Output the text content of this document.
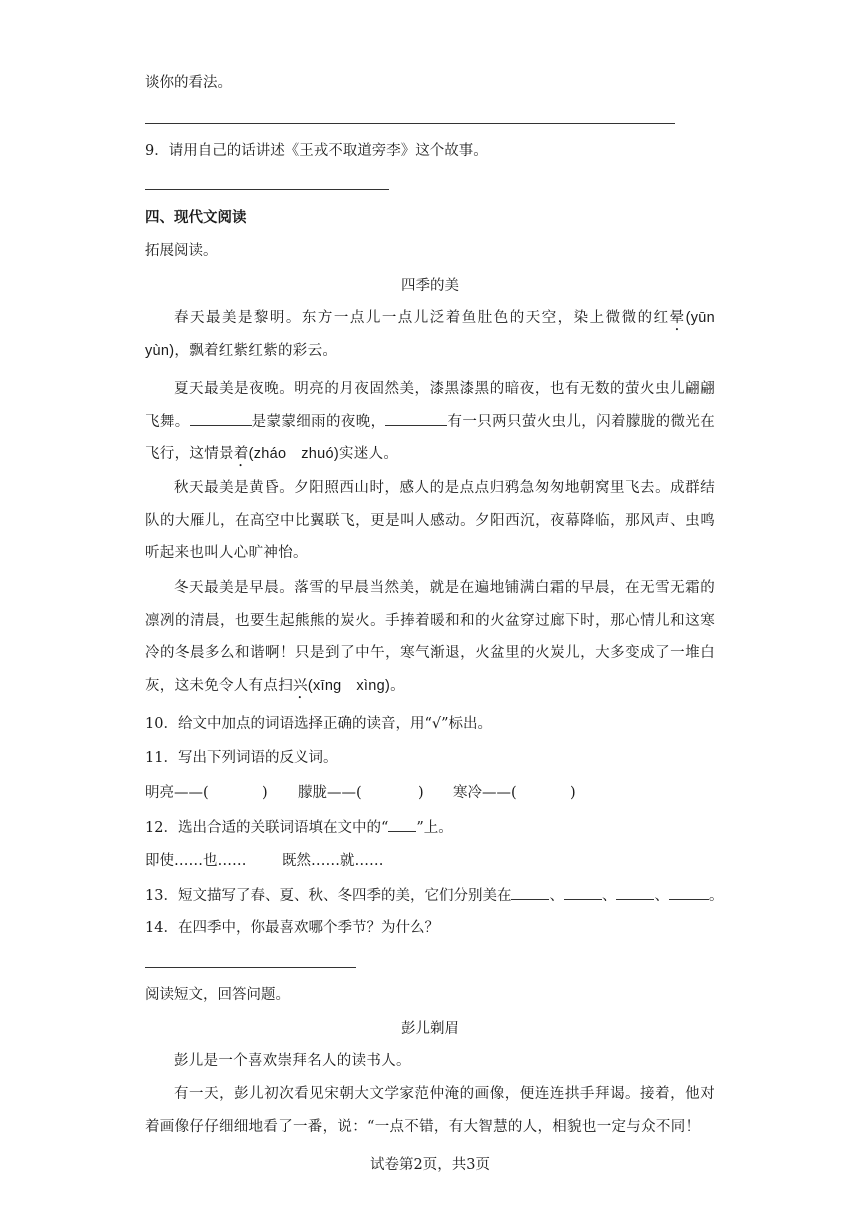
谈你的看法。
9．请用自己的话讲述《王戎不取道旁李》这个故事。
四、现代文阅读
拓展阅读。
四季的美
春天最美是黎明。东方一点儿一点儿泛着鱼肚色的天空，染上微微的红晕(yūn yùn)，飘着红紫红紫的彩云。
夏天最美是夜晚。明亮的月夜固然美，漆黑漆黑的暗夜，也有无数的萤火虫儿翩翩飞舞。	是蒙蒙细雨的夜晚，	有一只两只萤火虫儿，闪着朦胧的微光在飞行，这情景着(zháo　zhuó)实迷人。
秋天最美是黄昏。夕阳照西山时，感人的是点点归鸦急匆匆地朝窝里飞去。成群结队的大雁儿，在高空中比翼联飞，更是叫人感动。夕阳西沉，夜幕降临，那风声、虫鸣听起来也叫人心旷神怡。
冬天最美是早晨。落雪的早晨当然美，就是在遍地铺满白霜的早晨，在无雪无霜的凛冽的清晨，也要生起熊熊的炭火。手捧着暖和和的火盆穿过廊下时，那心情儿和这寒冷的冬晨多么和谐啊！只是到了中午，寒气渐退，火盆里的火炭儿，大多变成了一堆白灰，这未免令人有点扫兴(xīng　xìng)。
10．给文中加点的词语选择正确的读音，用“√”标出。
11．写出下列词语的反义词。
明亮——(	) 朦胧——(	) 寒冷——(	)
12．选出合适的关联词语填在文中的“ ”上。
即使……也…… 既然……就……
13．短文描写了春、夏、秋、冬四季的美，它们分别美在	、	、	、	。
14．在四季中，你最喜欢哪个季节？为什么？
阅读短文，回答问题。
彭儿剃眉
彭儿是一个喜欢崇拜名人的读书人。
有一天，彭儿初次看见宋朝大文学家范仲淹的画像，便连连拱手拜谒。接着，他对着画像仔仔细细地看了一番，说：“一点不错，有大智慧的人，相貌也一定与众不同！
试卷第2页，共3页
